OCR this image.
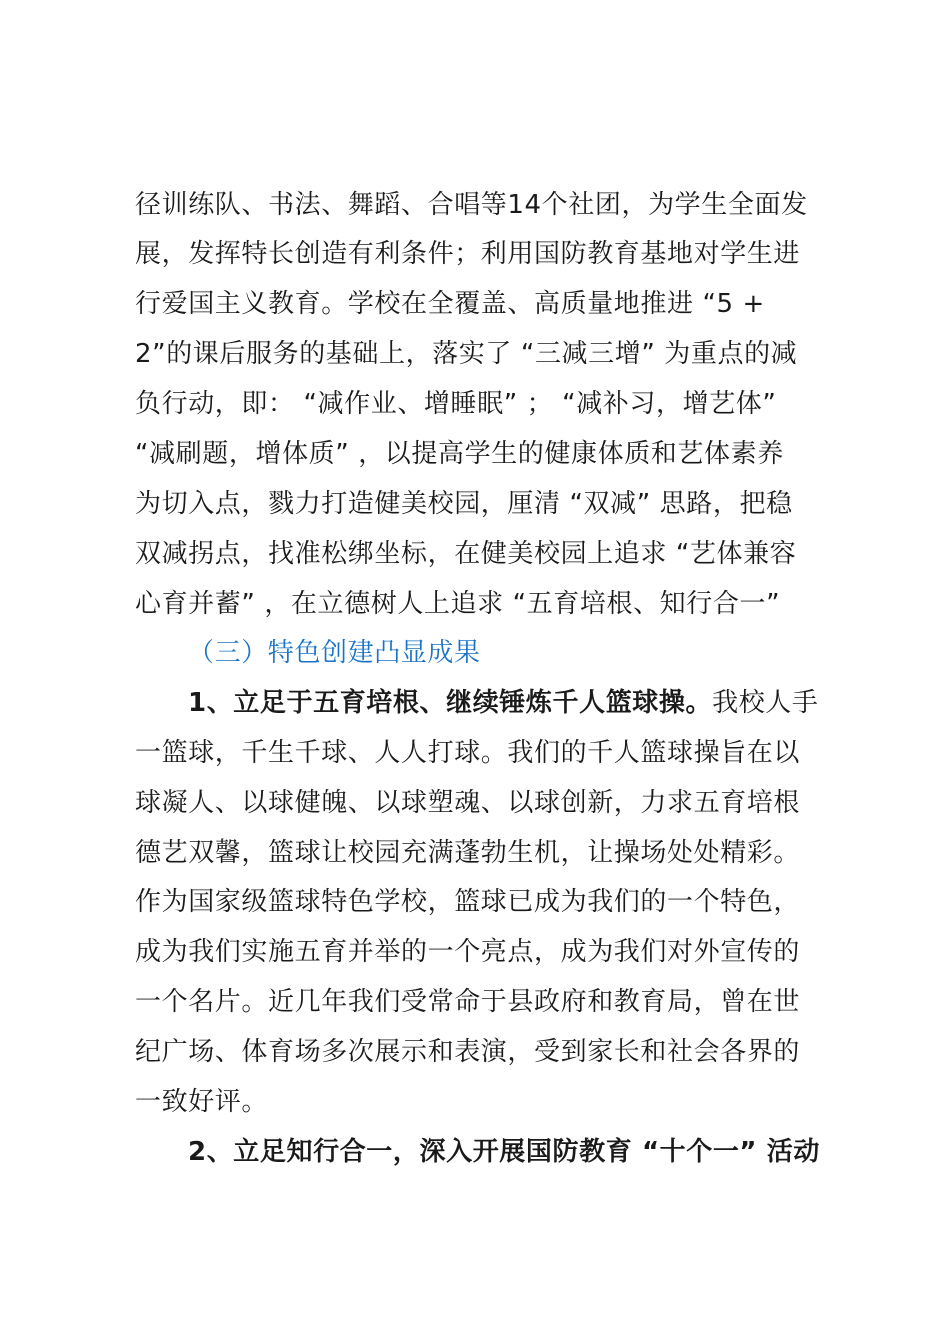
径训练队、书法、舞蹈、合唱等14个社团，为学生全面发
展，发挥特长创造有利条件；利用国防教育基地对学生进
行爱国主义教育。学校在全覆盖、高质量地推进 “5 +
2”的课后服务的基础上，落实了 “三减三增” 为重点的减
负行动，即： “减作业、增睡眠” ； “减补习，增艺体”
“减刷题，增体质” ，以提高学生的健康体质和艺体素养
为切入点，戮力打造健美校园，厘清 “双减” 思路，把稳
双减拐点，找准松绑坐标，在健美校园上追求 “艺体兼容
心育并蓄” ，在立德树人上追求 “五育培根、知行合一”
（三）特色创建凸显成果
1、立足于五育培根、继续锤炼千人篮球操。我校人手
一篮球，千生千球、人人打球。我们的千人篮球操旨在以
球凝人、以球健魄、以球塑魂、以球创新，力求五育培根
德艺双馨，篮球让校园充满蓬勃生机，让操场处处精彩。
作为国家级篮球特色学校，篮球已成为我们的一个特色，
成为我们实施五育并举的一个亮点，成为我们对外宣传的
一个名片。近几年我们受常命于县政府和教育局，曾在世
纪广场、体育场多次展示和表演，受到家长和社会各界的
一致好评。
2、立足知行合一，深入开展国防教育 “十个一” 活动
